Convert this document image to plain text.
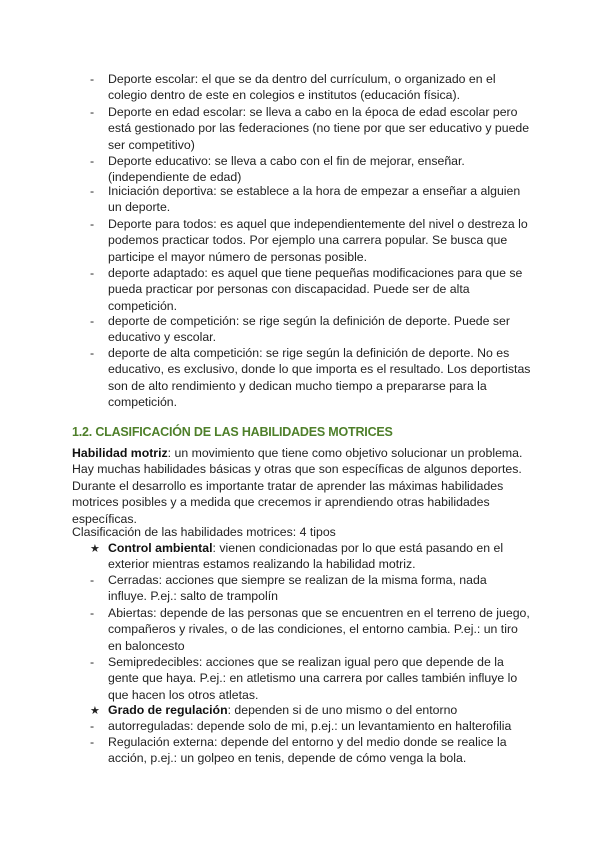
- Deporte escolar: el que se da dentro del currículum, o organizado en el colegio dentro de este en colegios e institutos (educación física).
- Deporte en edad escolar: se lleva a cabo en la época de edad escolar pero está gestionado por las federaciones (no tiene por que ser educativo y puede ser competitivo)
- Deporte educativo: se lleva a cabo con el fin de mejorar, enseñar. (independiente de edad)
- Iniciación deportiva: se establece a la hora de empezar a enseñar a alguien un deporte.
- Deporte para todos: es aquel que independientemente del nivel o destreza lo podemos practicar todos. Por ejemplo una carrera popular. Se busca que participe el mayor número de personas posible.
- deporte adaptado: es aquel que tiene pequeñas modificaciones para que se pueda practicar por personas con discapacidad. Puede ser de alta competición.
- deporte de competición: se rige según la definición de deporte. Puede ser educativo y escolar.
- deporte de alta competición: se rige según la definición de deporte. No es educativo, es exclusivo, donde lo que importa es el resultado. Los deportistas son de alto rendimiento y dedican mucho tiempo a prepararse para la competición.
1.2. CLASIFICACIÓN DE LAS HABILIDADES MOTRICES
Habilidad motriz: un movimiento que tiene como objetivo solucionar un problema. Hay muchas habilidades básicas y otras que son específicas de algunos deportes. Durante el desarrollo es importante tratar de aprender las máximas habilidades motrices posibles y a medida que crecemos ir aprendiendo otras habilidades específicas.
Clasificación de las habilidades motrices: 4 tipos
★ Control ambiental: vienen condicionadas por lo que está pasando en el exterior mientras estamos realizando la habilidad motriz.
- Cerradas: acciones que siempre se realizan de la misma forma, nada influye. P.ej.: salto de trampolín
- Abiertas: depende de las personas que se encuentren en el terreno de juego, compañeros y rivales, o de las condiciones, el entorno cambia. P.ej.: un tiro en baloncesto
- Semipredecibles: acciones que se realizan igual pero que depende de la gente que haya. P.ej.: en atletismo una carrera por calles también influye lo que hacen los otros atletas.
★ Grado de regulación: dependen si de uno mismo o del entorno
- autorreguladas: depende solo de mi, p.ej.: un levantamiento en halterofilia
- Regulación externa: depende del entorno y del medio donde se realice la acción, p.ej.: un golpeo en tenis, depende de cómo venga la bola.
